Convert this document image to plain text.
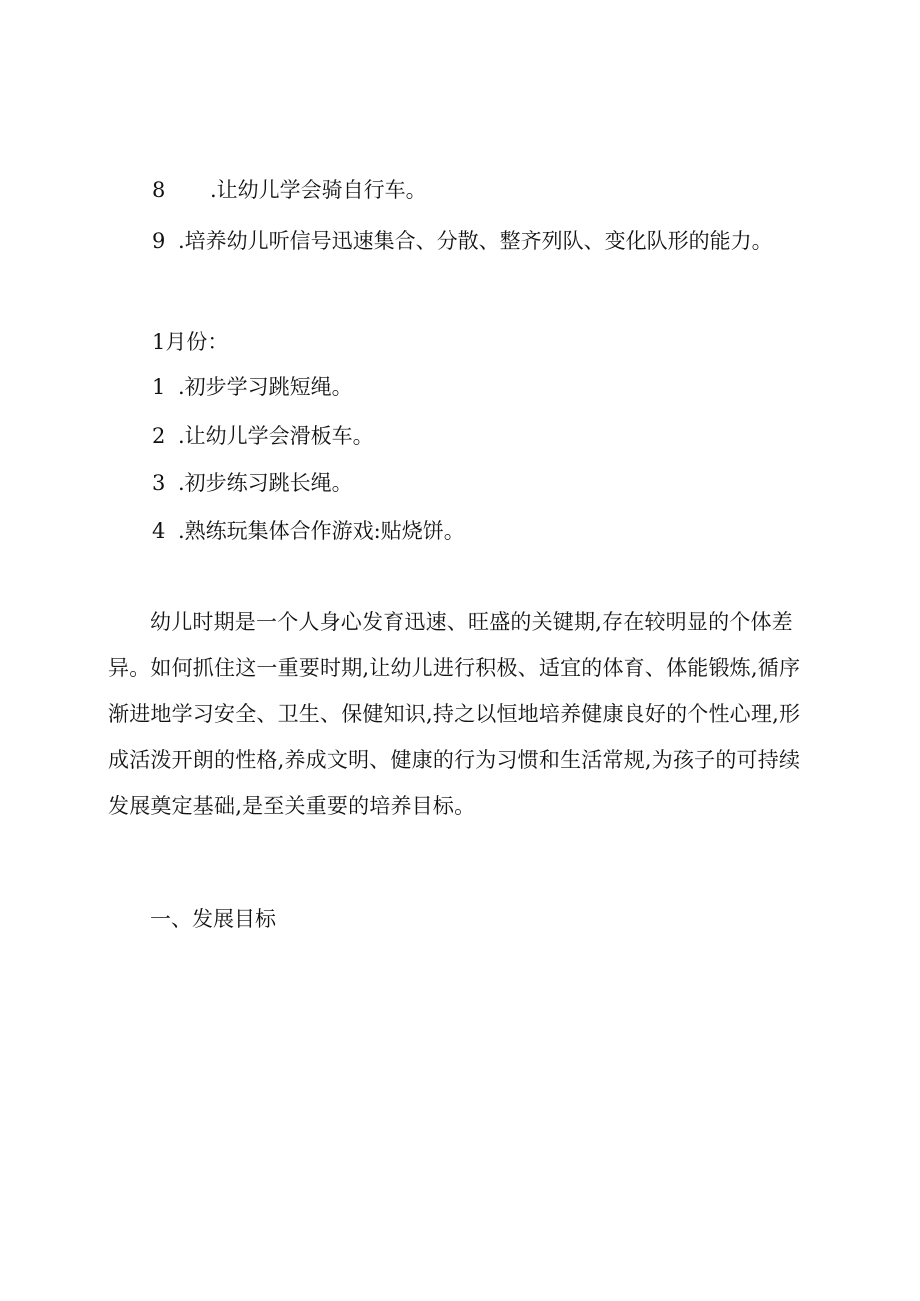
8 .让幼儿学会骑自行车。
9 .培养幼儿听信号迅速集合、分散、整齐列队、变化队形的能力。
1月份：
1 .初步学习跳短绳。
2 .让幼儿学会滑板车。
3 .初步练习跳长绳。
4 .熟练玩集体合作游戏:贴烧饼。
幼儿时期是一个人身心发育迅速、旺盛的关键期,存在较明显的个体差异。如何抓住这一重要时期,让幼儿进行积极、适宜的体育、体能锻炼,循序渐进地学习安全、卫生、保健知识,持之以恒地培养健康良好的个性心理,形成活泼开朗的性格,养成文明、健康的行为习惯和生活常规,为孩子的可持续发展奠定基础,是至关重要的培养目标。
一、发展目标
